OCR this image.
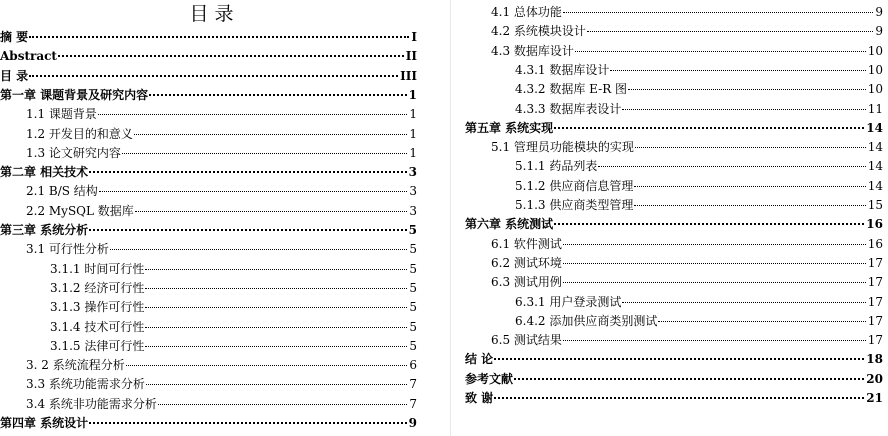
目 录
摘 要	I
Abstract	II
目 录	III
第一章 课题背景及研究内容	1
1.1 课题背景	1
1.2 开发目的和意义	1
1.3 论文研究内容	1
第二章 相关技术	3
2.1 B/S 结构	3
2.2 MySQL 数据库	3
第三章 系统分析	5
3.1 可行性分析	5
3.1.1 时间可行性	5
3.1.2 经济可行性	5
3.1.3 操作可行性	5
3.1.4 技术可行性	5
3.1.5 法律可行性	5
3. 2 系统流程分析	6
3.3 系统功能需求分析	7
3.4 系统非功能需求分析	7
第四章 系统设计	9
4.1 总体功能	9
4.2 系统模块设计	9
4.3 数据库设计	10
4.3.1 数据库设计	10
4.3.2 数据库 E-R 图	10
4.3.3 数据库表设计	11
第五章 系统实现	14
5.1 管理员功能模块的实现	14
5.1.1 药品列表	14
5.1.2 供应商信息管理	14
5.1.3 供应商类型管理	15
第六章 系统测试	16
6.1 软件测试	16
6.2 测试环境	17
6.3 测试用例	17
6.3.1 用户登录测试	17
6.4.2 添加供应商类别测试	17
6.5 测试结果	17
结 论	18
参考文献	20
致 谢	21
